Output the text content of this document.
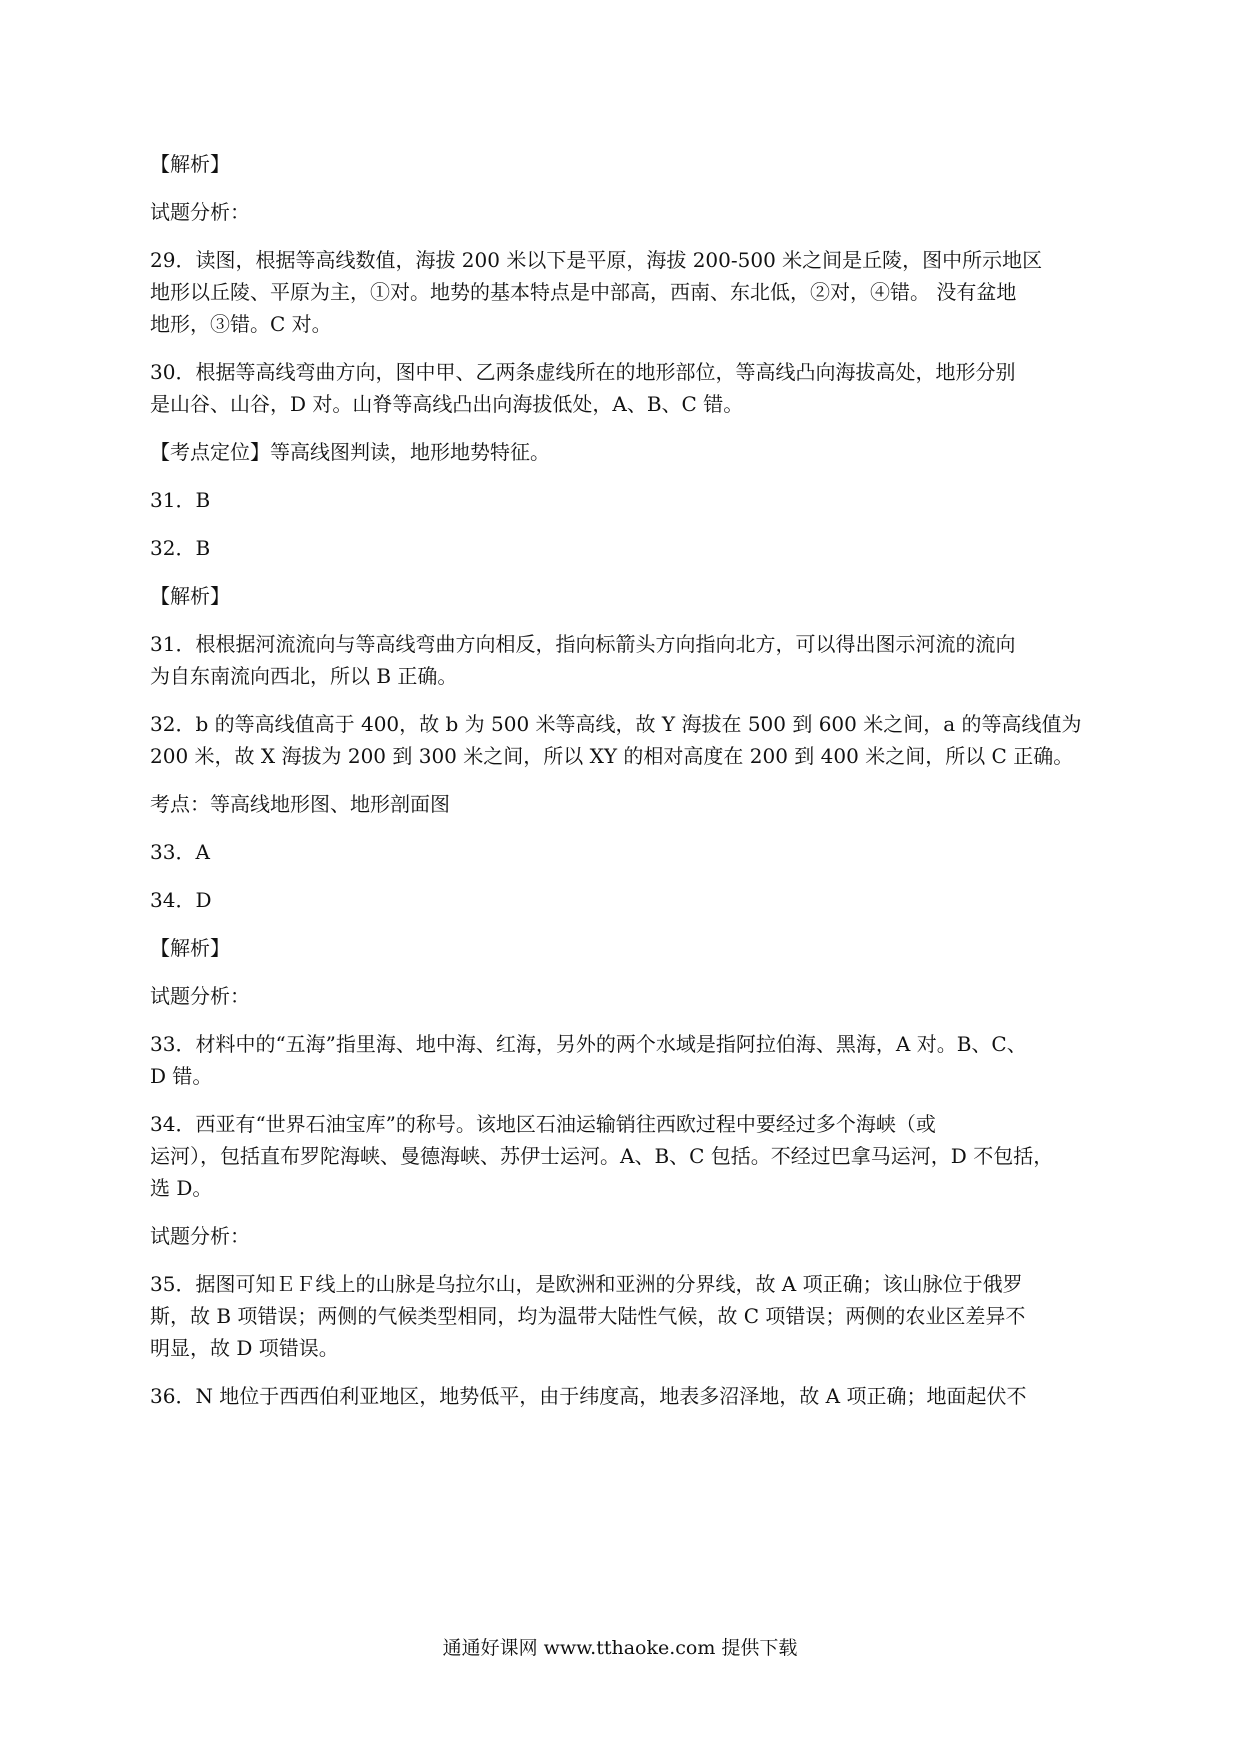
【解析】
试题分析：
29．读图，根据等高线数值，海拔 200 米以下是平原，海拔 200-500 米之间是丘陵，图中所示地区
地形以丘陵、平原为主，①对。地势的基本特点是中部高，西南、东北低，②对，④错。 没有盆地
地形，③错。C 对。
30．根据等高线弯曲方向，图中甲、乙两条虚线所在的地形部位，等高线凸向海拔高处，地形分别
是山谷、山谷，D 对。山脊等高线凸出向海拔低处，A、B、C 错。
【考点定位】等高线图判读，地形地势特征。
31．B
32．B
【解析】
31．根根据河流流向与等高线弯曲方向相反，指向标箭头方向指向北方，可以得出图示河流的流向
为自东南流向西北，所以 B 正确。
32．b 的等高线值高于 400，故 b 为 500 米等高线，故 Y 海拔在 500 到 600 米之间，a 的等高线值为
200 米，故 X 海拔为 200 到 300 米之间，所以 XY 的相对高度在 200 到 400 米之间，所以 C 正确。
考点：等高线地形图、地形剖面图
33．A
34．D
【解析】
试题分析：
33．材料中的“五海”指里海、地中海、红海，另外的两个水域是指阿拉伯海、黑海，A 对。B、C、
D 错。
34．西亚有“世界石油宝库”的称号。该地区石油运输销往西欧过程中要经过多个海峡（或
运河），包括直布罗陀海峡、曼德海峡、苏伊士运河。A、B、C 包括。不经过巴拿马运河，D 不包括，
选 D。
试题分析：
35．据图可知ＥＦ线上的山脉是乌拉尔山，是欧洲和亚洲的分界线，故 A 项正确；该山脉位于俄罗
斯，故 B 项错误；两侧的气候类型相同，均为温带大陆性气候，故 C 项错误；两侧的农业区差异不
明显，故 D 项错误。
36．N 地位于西西伯利亚地区，地势低平，由于纬度高，地表多沼泽地，故 A 项正确；地面起伏不
通通好课网 www.tthaoke.com 提供下载
